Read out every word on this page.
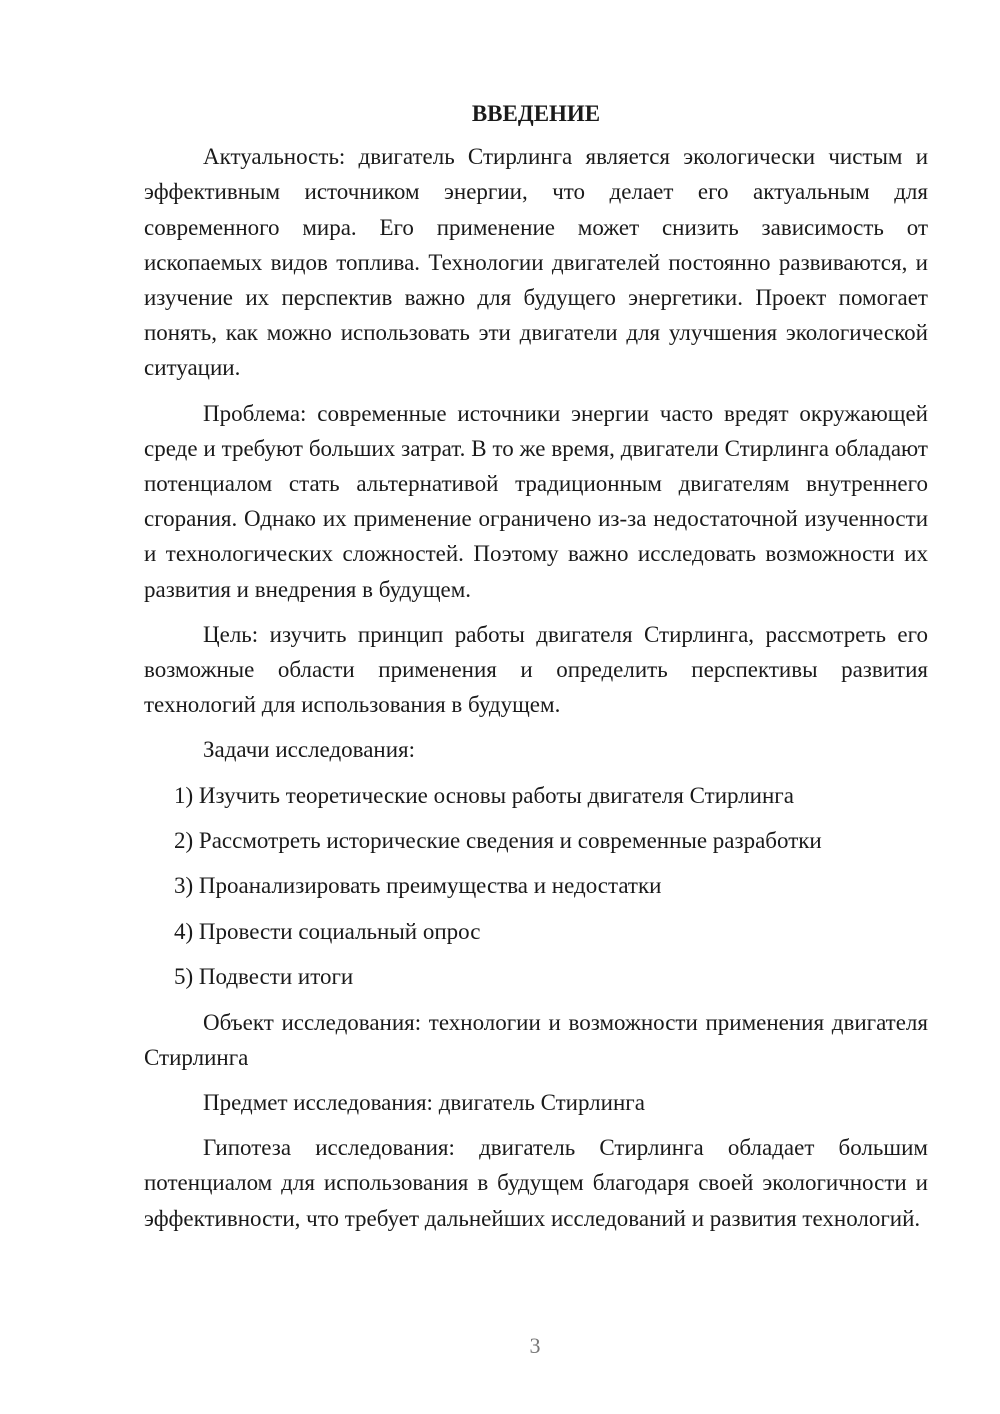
ВВЕДЕНИЕ

Актуальность: двигатель Стирлинга является экологически чистым и эффективным источником энергии, что делает его актуальным для современного мира. Его применение может снизить зависимость от ископаемых видов топлива. Технологии двигателей постоянно развиваются, и изучение их перспектив важно для будущего энергетики. Проект помогает понять, как можно использовать эти двигатели для улучшения экологической ситуации.

Проблема: современные источники энергии часто вредят окружающей среде и требуют больших затрат. В то же время, двигатели Стирлинга обладают потенциалом стать альтернативой традиционным двигателям внутреннего сгорания. Однако их применение ограничено из-за недостаточной изученности и технологических сложностей. Поэтому важно исследовать возможности их развития и внедрения в будущем.

Цель: изучить принцип работы двигателя Стирлинга, рассмотреть его возможные области применения и определить перспективы развития технологий для использования в будущем.

Задачи исследования:

1) Изучить теоретические основы работы двигателя Стирлинга

2) Рассмотреть исторические сведения и современные разработки

3) Проанализировать преимущества и недостатки

4) Провести социальный опрос

5) Подвести итоги

Объект исследования: технологии и возможности применения двигателя Стирлинга

Предмет исследования: двигатель Стирлинга

Гипотеза исследования: двигатель Стирлинга обладает большим потенциалом для использования в будущем благодаря своей экологичности и эффективности, что требует дальнейших исследований и развития технологий.

3
